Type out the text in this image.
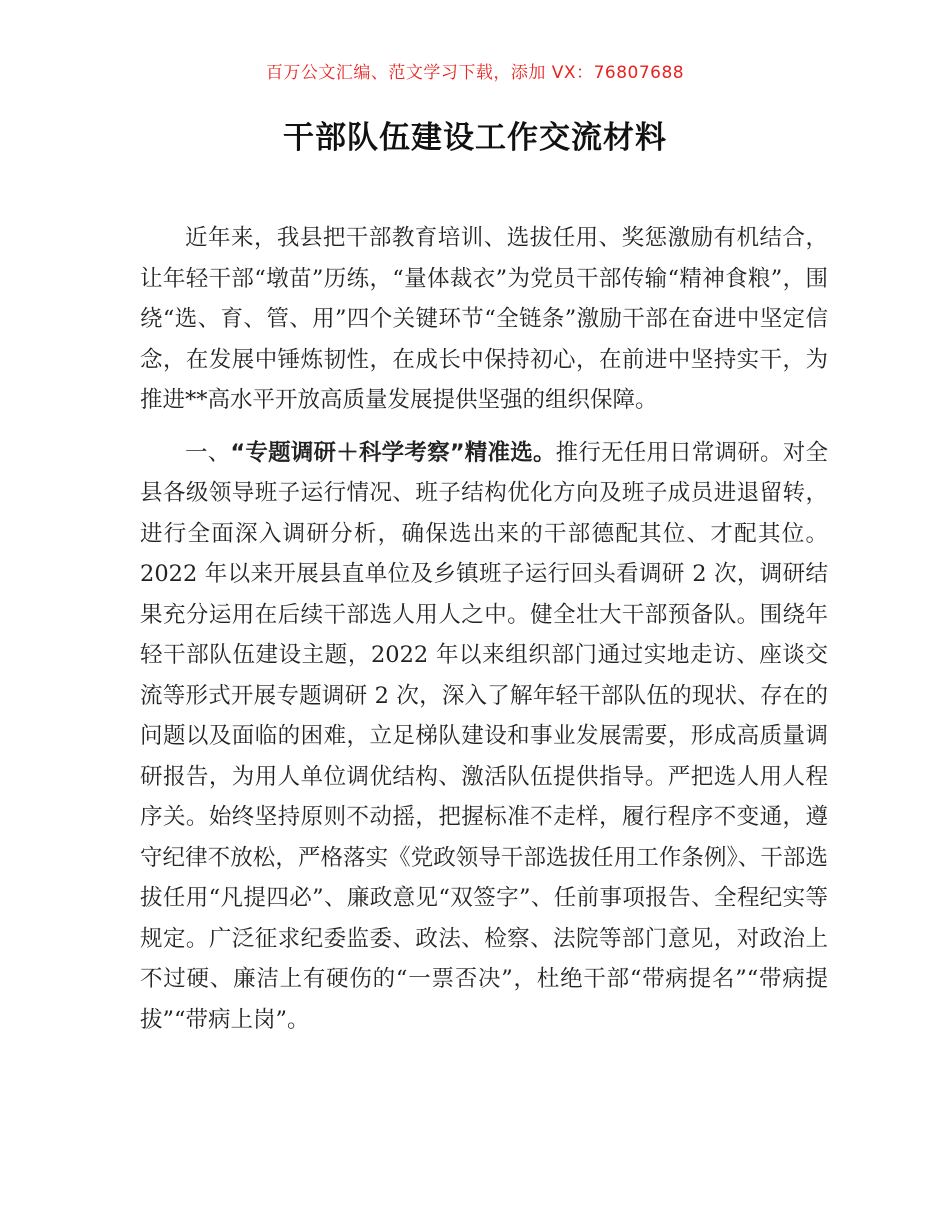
百万公文汇编、范文学习下载，添加 VX：76807688
干部队伍建设工作交流材料

近年来，我县把干部教育培训、选拔任用、奖惩激励有机结合，让年轻干部“墩苗”历练，“量体裁衣”为党员干部传输“精神食粮”，围绕“选、育、管、用”四个关键环节“全链条”激励干部在奋进中坚定信念，在发展中锤炼韧性，在成长中保持初心，在前进中坚持实干，为推进**高水平开放高质量发展提供坚强的组织保障。

一、“专题调研＋科学考察”精准选。推行无任用日常调研。对全县各级领导班子运行情况、班子结构优化方向及班子成员进退留转，进行全面深入调研分析，确保选出来的干部德配其位、才配其位。2022 年以来开展县直单位及乡镇班子运行回头看调研 2 次，调研结果充分运用在后续干部选人用人之中。健全壮大干部预备队。围绕年轻干部队伍建设主题，2022 年以来组织部门通过实地走访、座谈交流等形式开展专题调研 2 次，深入了解年轻干部队伍的现状、存在的问题以及面临的困难，立足梯队建设和事业发展需要，形成高质量调研报告，为用人单位调优结构、激活队伍提供指导。严把选人用人程序关。始终坚持原则不动摇，把握标准不走样，履行程序不变通，遵守纪律不放松，严格落实《党政领导干部选拔任用工作条例》、干部选拔任用“凡提四必”、廉政意见“双签字”、任前事项报告、全程纪实等规定。广泛征求纪委监委、政法、检察、法院等部门意见，对政治上不过硬、廉洁上有硬伤的“一票否决”，杜绝干部“带病提名”“带病提拔”“带病上岗”。
